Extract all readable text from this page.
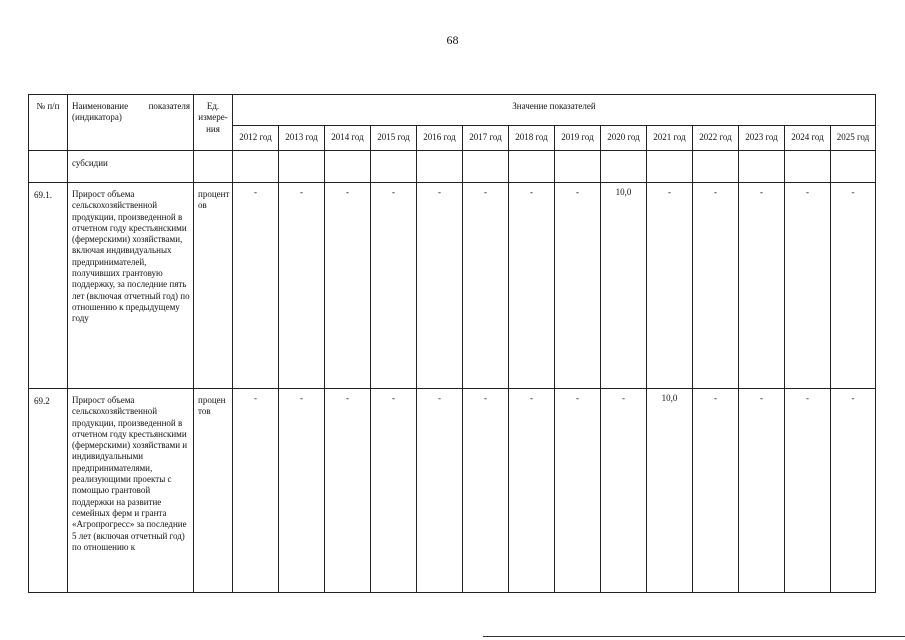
68
№ п/п	Наименование показателя (индикатора)	Ед. измере-ния	Значение показателей													
			2012 год	2013 год	2014 год	2015 год	2016 год	2017 год	2018 год	2019 год	2020 год	2021 год	2022 год	2023 год	2024 год	2025 год
	субсидии															
69.1.	Прирост объема сельскохозяйственной продукции, произведенной в отчетном году крестьянскими (фермерскими) хозяйствами, включая индивидуальных предпринимателей, получивших грантовую поддержку, за последние пять лет (включая отчетный год) по отношению к предыдущему году	процент ов	-	-	-	-	-	-	-	-	10,0	-	-	-	-	-
69.2	Прирост объема сельскохозяйственной продукции, произведенной в отчетном году крестьянскими (фермерскими) хозяйствами и индивидуальными предпринимателями, реализующими проекты с помощью грантовой поддержки на развитие семейных ферм и гранта «Агропрогресс» за последние 5 лет (включая отчетный год) по отношению к	процен тов	-	-	-	-	-	-	-	-	-	10,0	-	-	-	-
